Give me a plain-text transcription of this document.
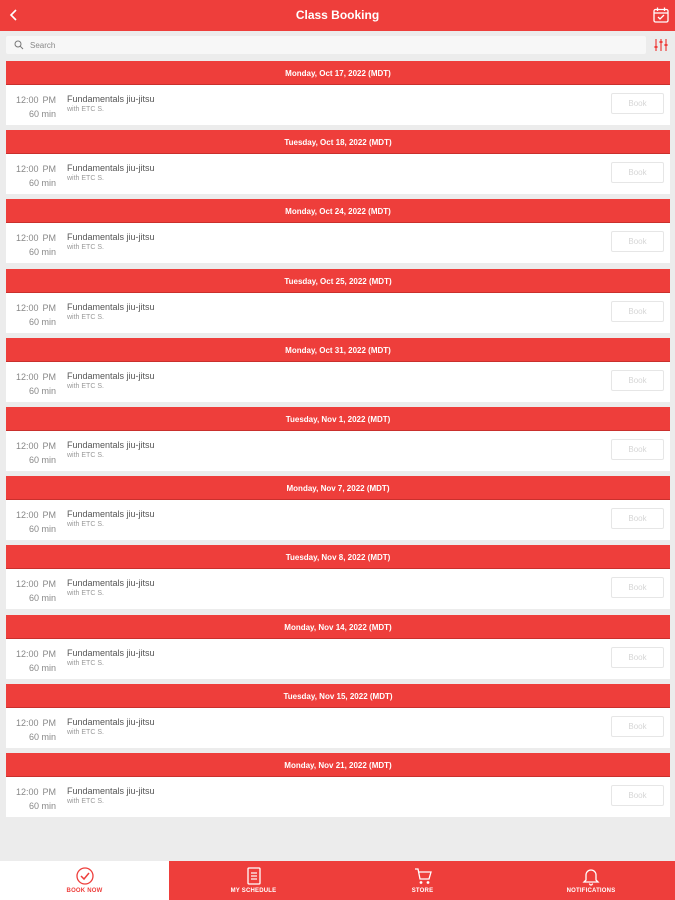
Class Booking
Search
Monday, Oct 17, 2022 (MDT)
12:00 PM
60 min
Fundamentals jiu-jitsu
with ETC S.
Book
Tuesday, Oct 18, 2022 (MDT)
12:00 PM
60 min
Fundamentals jiu-jitsu
with ETC S.
Book
Monday, Oct 24, 2022 (MDT)
12:00 PM
60 min
Fundamentals jiu-jitsu
with ETC S.
Book
Tuesday, Oct 25, 2022 (MDT)
12:00 PM
60 min
Fundamentals jiu-jitsu
with ETC S.
Book
Monday, Oct 31, 2022 (MDT)
12:00 PM
60 min
Fundamentals jiu-jitsu
with ETC S.
Book
Tuesday, Nov 1, 2022 (MDT)
12:00 PM
60 min
Fundamentals jiu-jitsu
with ETC S.
Book
Monday, Nov 7, 2022 (MDT)
12:00 PM
60 min
Fundamentals jiu-jitsu
with ETC S.
Book
Tuesday, Nov 8, 2022 (MDT)
12:00 PM
60 min
Fundamentals jiu-jitsu
with ETC S.
Book
Monday, Nov 14, 2022 (MDT)
12:00 PM
60 min
Fundamentals jiu-jitsu
with ETC S.
Book
Tuesday, Nov 15, 2022 (MDT)
12:00 PM
60 min
Fundamentals jiu-jitsu
with ETC S.
Book
Monday, Nov 21, 2022 (MDT)
12:00 PM
60 min
Fundamentals jiu-jitsu
with ETC S.
Book
BOOK NOW	MY SCHEDULE	STORE	NOTIFICATIONS
